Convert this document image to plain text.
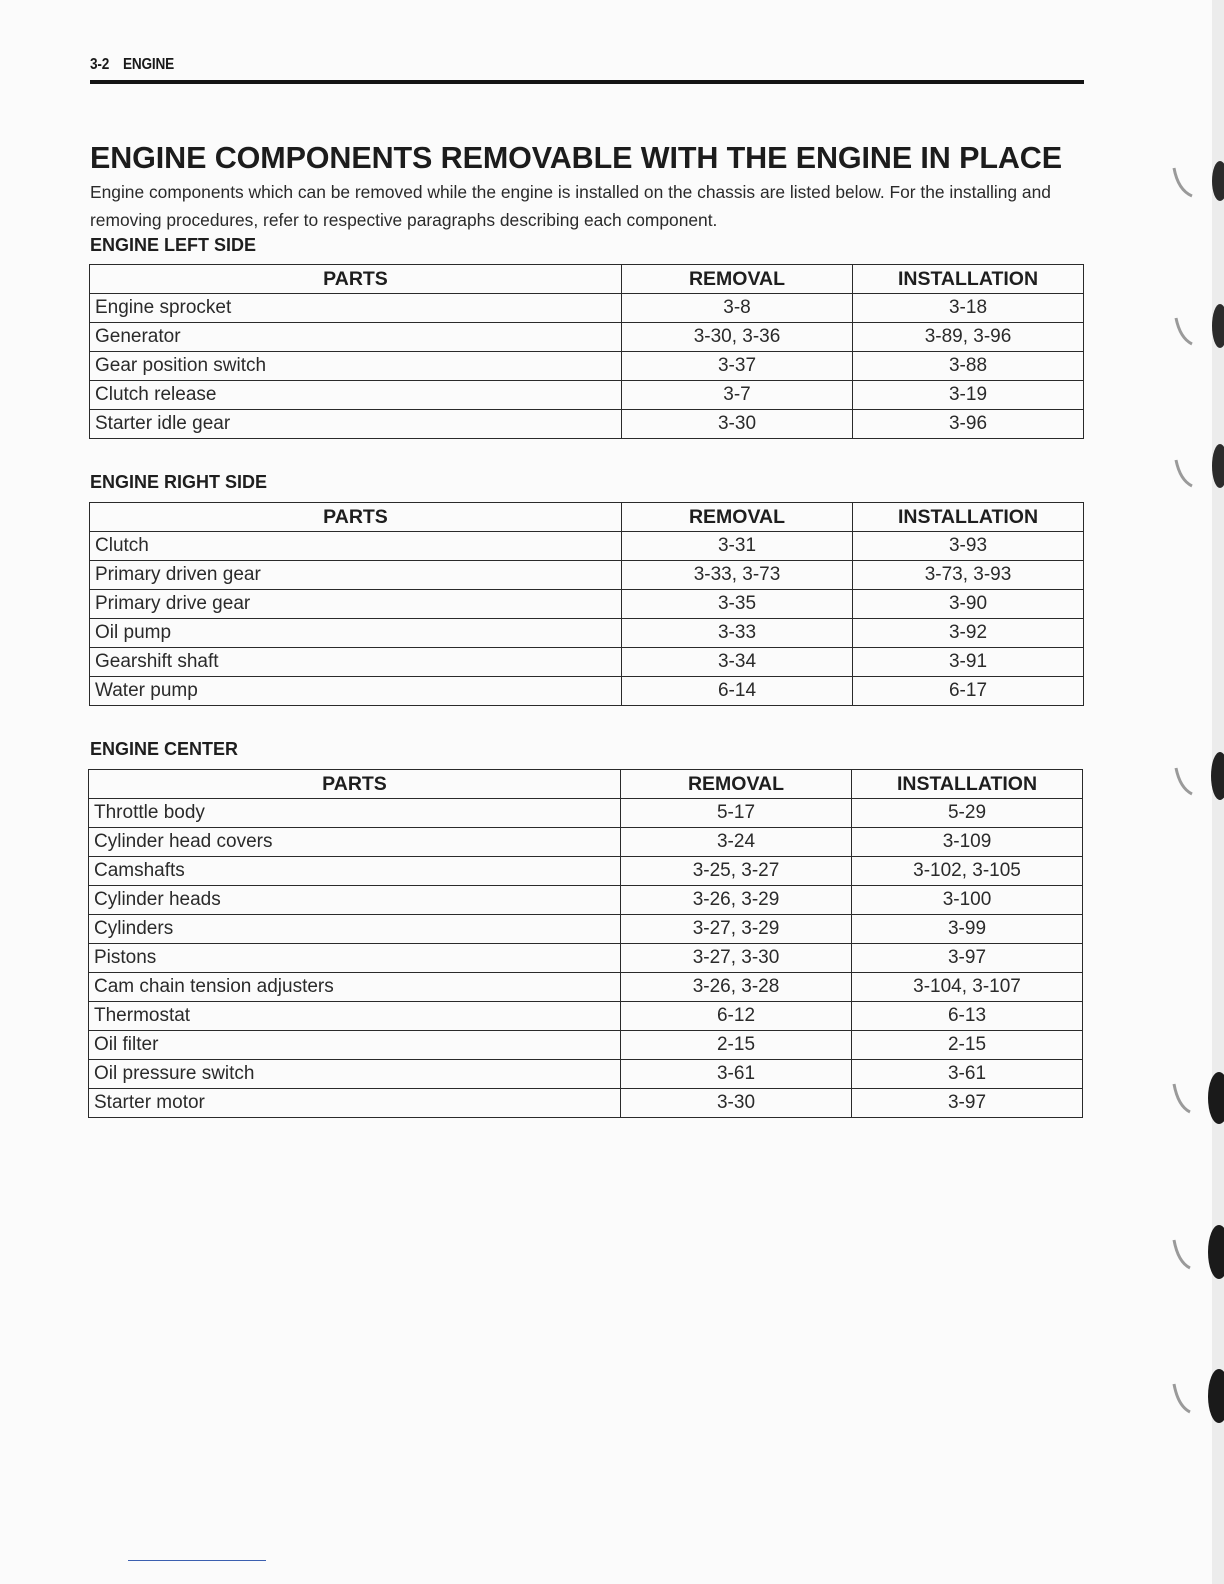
3-2 ENGINE
ENGINE COMPONENTS REMOVABLE WITH THE ENGINE IN PLACE

Engine components which can be removed while the engine is installed on the chassis are listed below. For the installing and removing procedures, refer to respective paragraphs describing each component.

ENGINE LEFT SIDE
PARTS	REMOVAL	INSTALLATION
Engine sprocket	3-8	3-18
Generator	3-30, 3-36	3-89, 3-96
Gear position switch	3-37	3-88
Clutch release	3-7	3-19
Starter idle gear	3-30	3-96
ENGINE RIGHT SIDE
PARTS	REMOVAL	INSTALLATION
Clutch	3-31	3-93
Primary driven gear	3-33, 3-73	3-73, 3-93
Primary drive gear	3-35	3-90
Oil pump	3-33	3-92
Gearshift shaft	3-34	3-91
Water pump	6-14	6-17
ENGINE CENTER
PARTS	REMOVAL	INSTALLATION
Throttle body	5-17	5-29
Cylinder head covers	3-24	3-109
Camshafts	3-25, 3-27	3-102, 3-105
Cylinder heads	3-26, 3-29	3-100
Cylinders	3-27, 3-29	3-99
Pistons	3-27, 3-30	3-97
Cam chain tension adjusters	3-26, 3-28	3-104, 3-107
Thermostat	6-12	6-13
Oil filter	2-15	2-15
Oil pressure switch	3-61	3-61
Starter motor	3-30	3-97
